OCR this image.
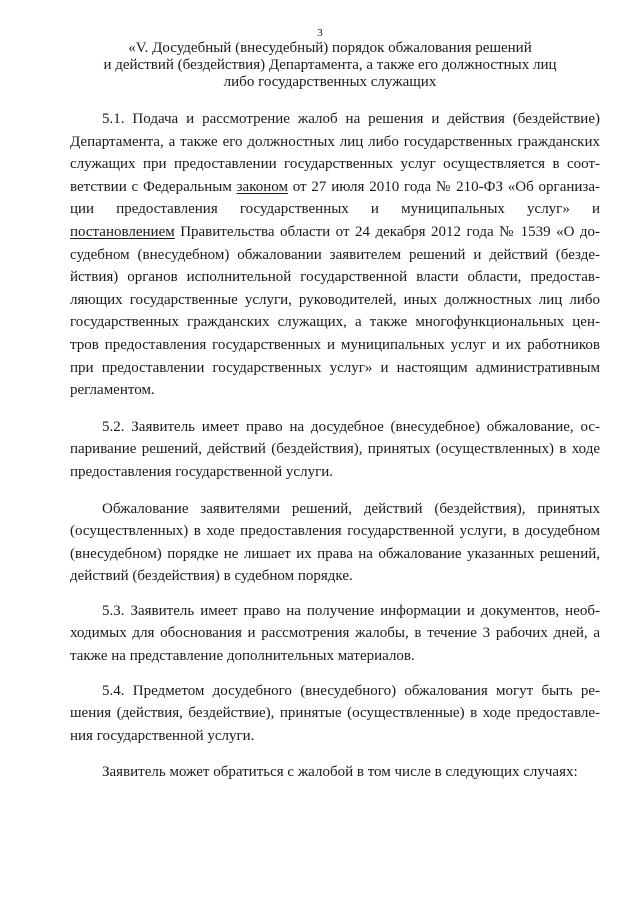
3
«V. Досудебный (внесудебный) порядок обжалования решений
и действий (бездействия) Департамента, а также его должностных лиц
либо государственных служащих
5.1. Подача и рассмотрение жалоб на решения и действия (бездействие)
Департамента, а также его должностных лиц либо государственных гражданских
служащих при предоставлении государственных услуг осуществляется в соот-
ветствии с Федеральным законом от 27 июля 2010 года № 210-ФЗ «Об организа-
ции предоставления государственных и муниципальных услуг» и
постановлением Правительства области от 24 декабря 2012 года № 1539 «О до-
судебном (внесудебном) обжаловании заявителем решений и действий (безде-
йствия) органов исполнительной государственной власти области, предостав-
ляющих государственные услуги, руководителей, иных должностных лиц либо
государственных гражданских служащих, а также многофункциональных цен-
тров предоставления государственных и муниципальных услуг и их работников
при предоставлении государственных услуг» и настоящим административным
регламентом.
5.2. Заявитель имеет право на досудебное (внесудебное) обжалование, ос-
паривание решений, действий (бездействия), принятых (осуществленных) в ходе
предоставления государственной услуги.
Обжалование заявителями решений, действий (бездействия), принятых
(осуществленных) в ходе предоставления государственной услуги, в досудебном
(внесудебном) порядке не лишает их права на обжалование указанных решений,
действий (бездействия) в судебном порядке.
5.3. Заявитель имеет право на получение информации и документов, необ-
ходимых для обоснования и рассмотрения жалобы, в течение 3 рабочих дней, а
также на представление дополнительных материалов.
5.4. Предметом досудебного (внесудебного) обжалования могут быть ре-
шения (действия, бездействие), принятые (осуществленные) в ходе предоставле-
ния государственной услуги.
Заявитель может обратиться с жалобой в том числе в следующих случаях:
